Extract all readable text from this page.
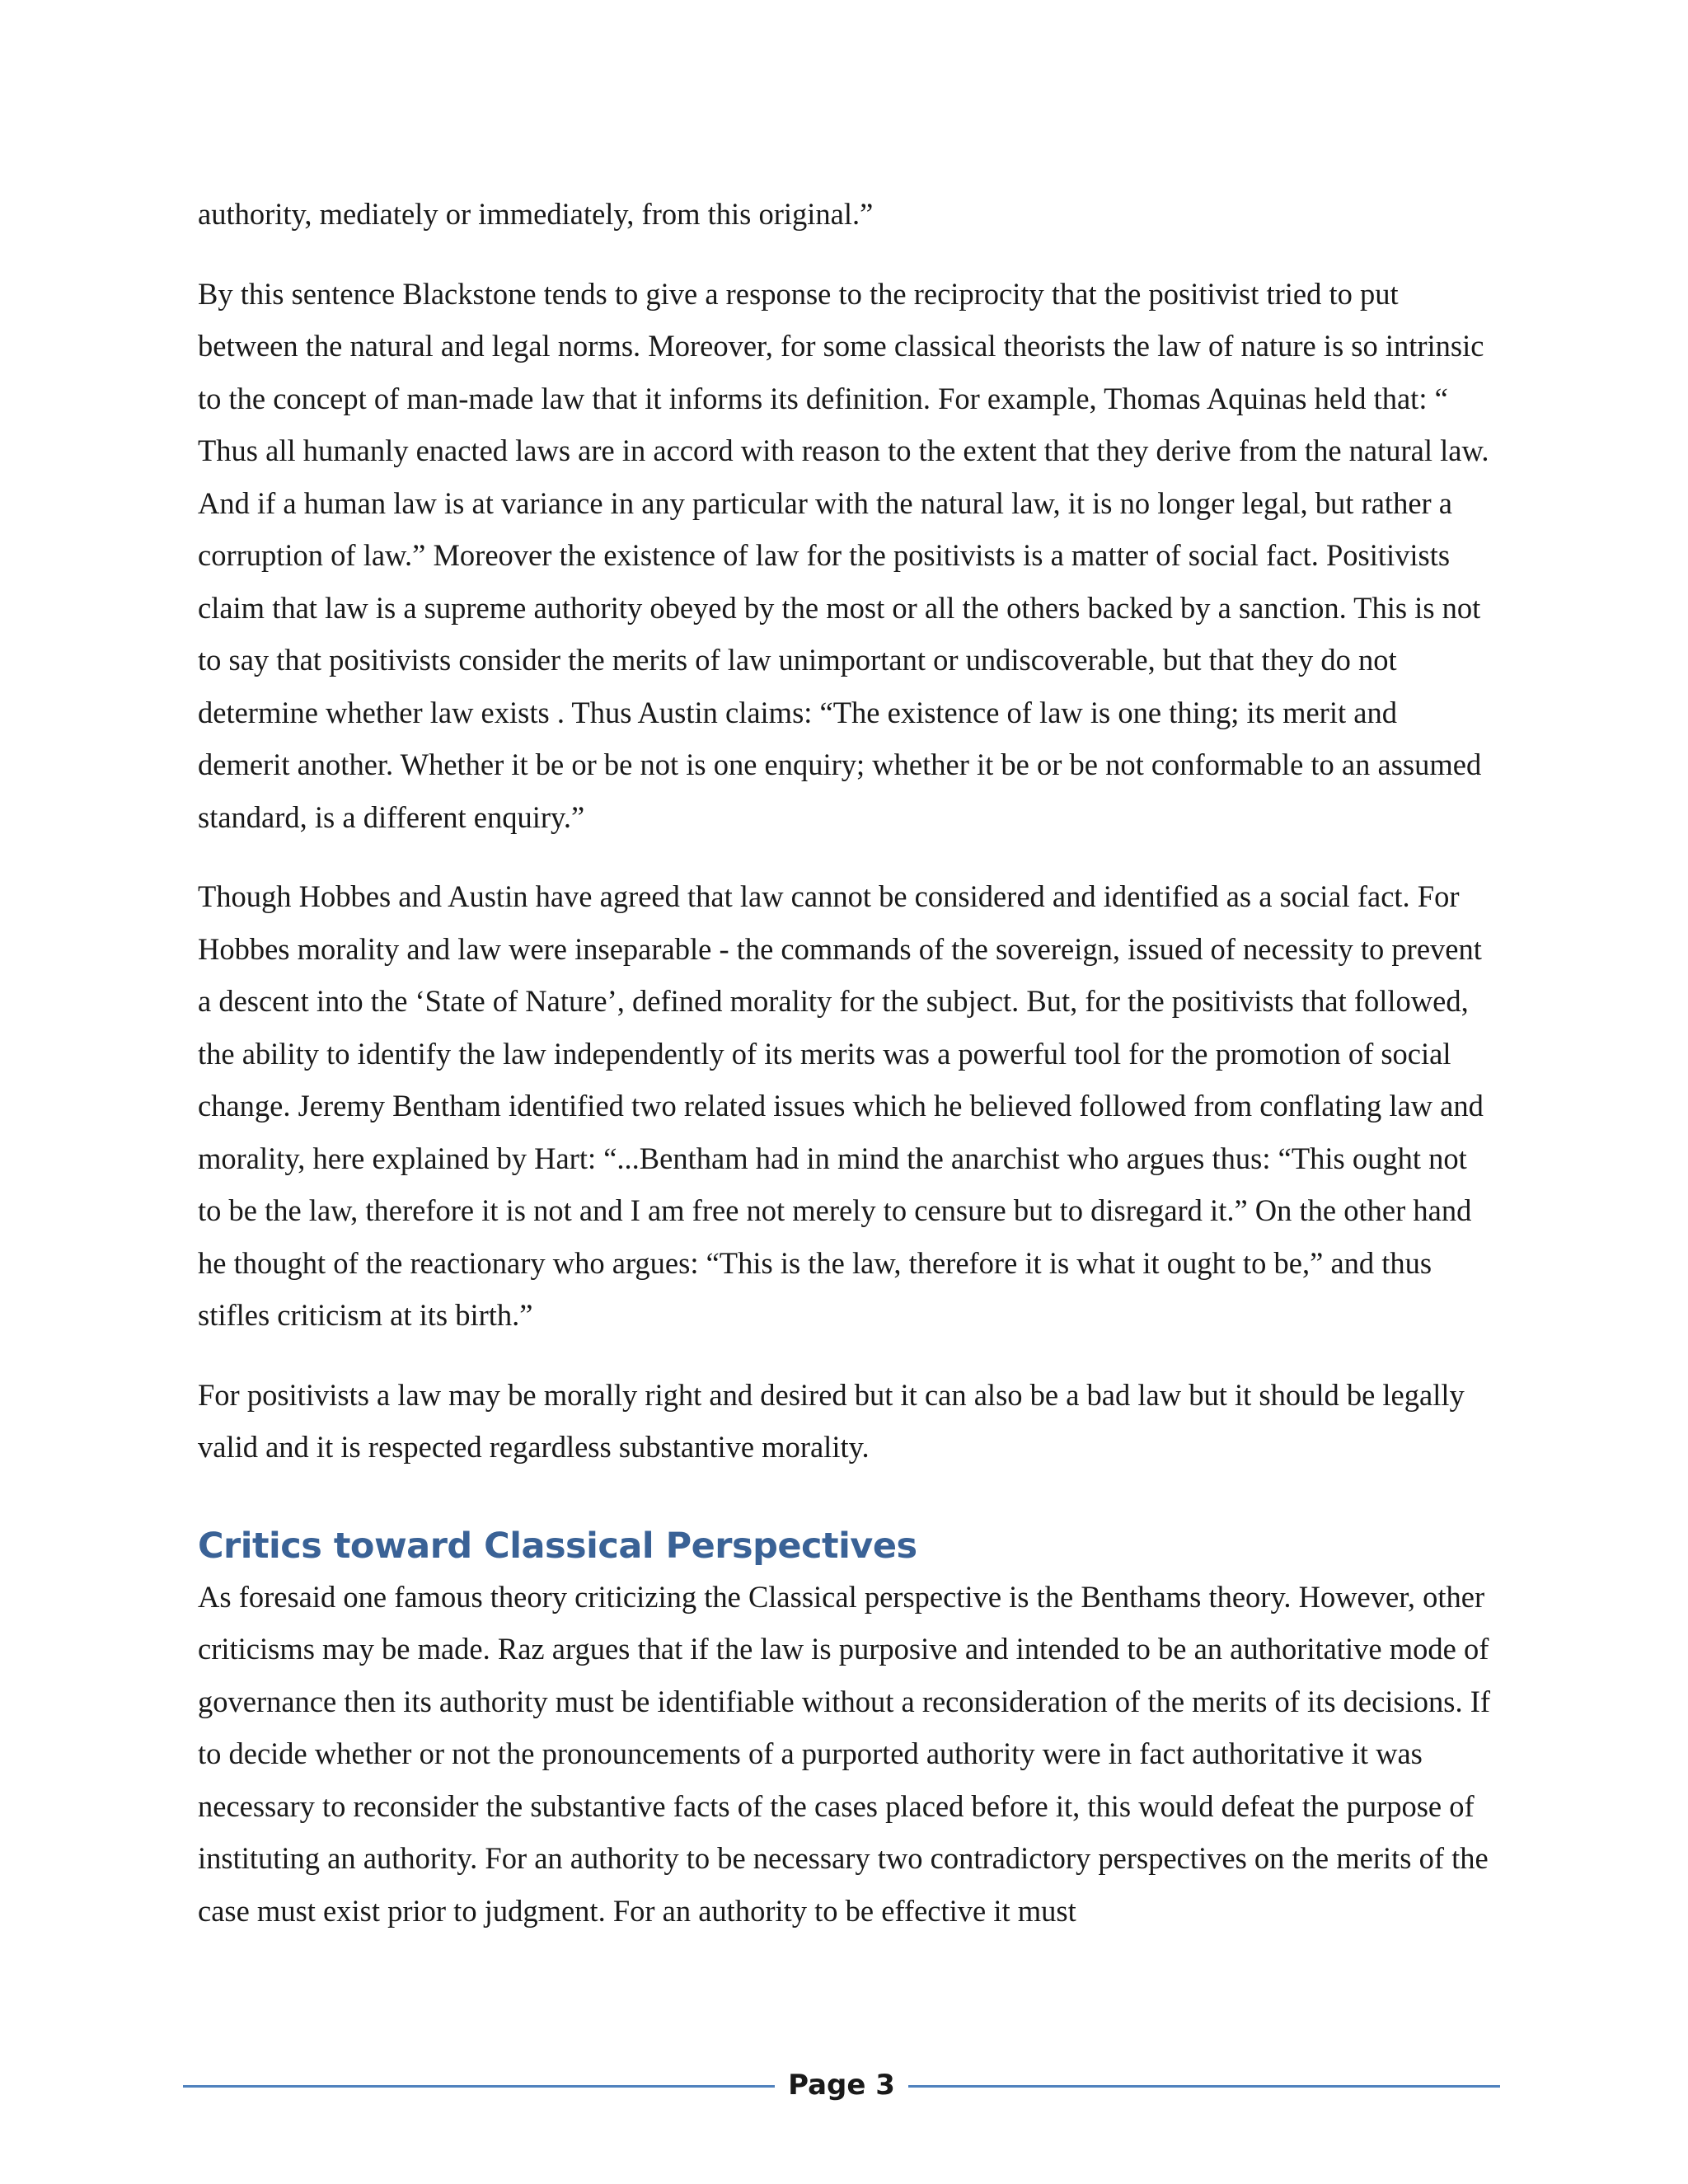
authority, mediately or immediately, from this original.”

By this sentence Blackstone tends to give a response to the reciprocity that the positivist tried to put between the natural and legal norms. Moreover, for some classical theorists the law of nature is so intrinsic to the concept of man-made law that it informs its definition. For example, Thomas Aquinas held that: “ Thus all humanly enacted laws are in accord with reason to the extent that they derive from the natural law. And if a human law is at variance in any particular with the natural law, it is no longer legal, but rather a corruption of law.” Moreover the existence of law for the positivists is a matter of social fact. Positivists claim that law is a supreme authority obeyed by the most or all the others backed by a sanction. This is not to say that positivists consider the merits of law unimportant or undiscoverable, but that they do not determine whether law exists . Thus Austin claims: “The existence of law is one thing; its merit and demerit another. Whether it be or be not is one enquiry; whether it be or be not conformable to an assumed standard, is a different enquiry.”

Though Hobbes and Austin have agreed that law cannot be considered and identified as a social fact. For Hobbes morality and law were inseparable - the commands of the sovereign, issued of necessity to prevent a descent into the ‘State of Nature’, defined morality for the subject. But, for the positivists that followed, the ability to identify the law independently of its merits was a powerful tool for the promotion of social change. Jeremy Bentham identified two related issues which he believed followed from conflating law and morality, here explained by Hart: “...Bentham had in mind the anarchist who argues thus: “This ought not to be the law, therefore it is not and I am free not merely to censure but to disregard it.” On the other hand he thought of the reactionary who argues: “This is the law, therefore it is what it ought to be,” and thus stifles criticism at its birth.”

For positivists a law may be morally right and desired but it can also be a bad law but it should be legally valid and it is respected regardless substantive morality.

Critics toward Classical Perspectives

As foresaid one famous theory criticizing the Classical perspective is the Benthams theory. However, other criticisms may be made. Raz argues that if the law is purposive and intended to be an authoritative mode of governance then its authority must be identifiable without a reconsideration of the merits of its decisions. If to decide whether or not the pronouncements of a purported authority were in fact authoritative it was necessary to reconsider the substantive facts of the cases placed before it, this would defeat the purpose of instituting an authority. For an authority to be necessary two contradictory perspectives on the merits of the case must exist prior to judgment. For an authority to be effective it must

Page 3
